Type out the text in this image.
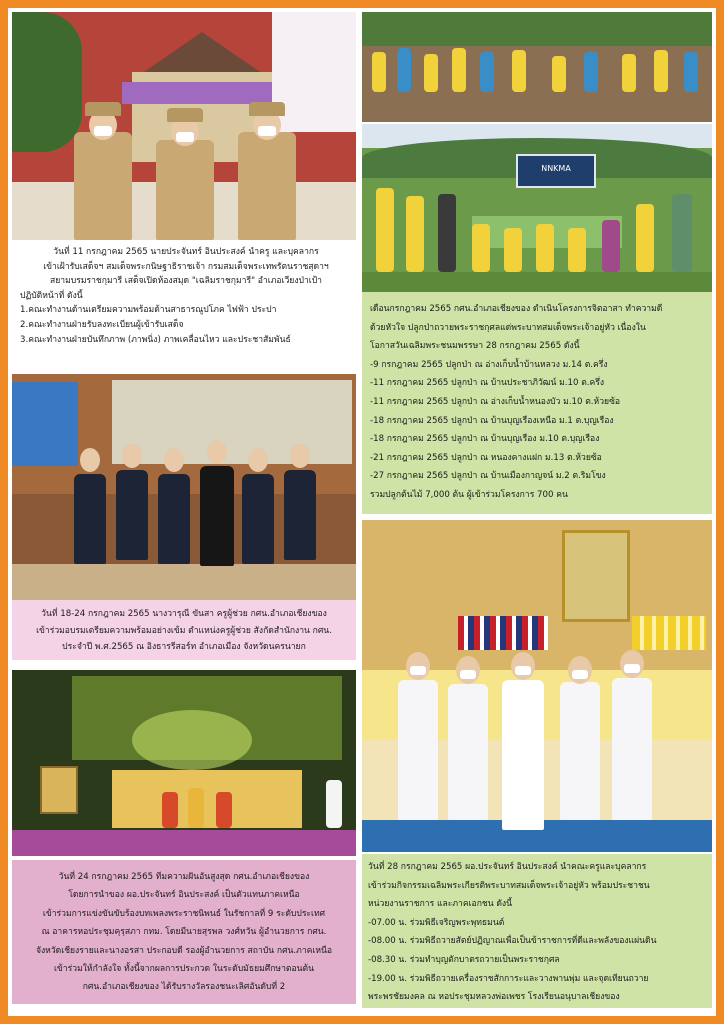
วันที่ 11 กรกฎาคม 2565 นายประจันทร์ อินประสงค์ นำครู และบุคลากร
เข้าเฝ้ารับเสด็จฯ สมเด็จพระกนิษฐาธิราชเจ้า กรมสมเด็จพระเทพรัตนราชสุดาฯ
สยามบรมราชกุมารี เสด็จเปิดห้องสมุด "เฉลิมราชกุมารี" อำเภอเวียงป่าเป้า
ปฏิบัติหน้าที่ ดังนี้
1.คณะทำงานด้านเตรียมความพร้อมด้านสาธารณูปโภค ไฟฟ้า ประปา
2.คณะทำงานฝ่ายรับลงทะเบียนผู้เข้ารับเสด็จ
3.คณะทำงานฝ่ายบันทึกภาพ (ภาพนิ่ง) ภาพเคลื่อนไหว และประชาสัมพันธ์
NNKMA
เดือนกรกฎาคม 2565 กศน.อำเภอเชียงของ ดำเนินโครงการจิตอาสา ทำความดี
ด้วยหัวใจ ปลูกป่าถวายพระราชกุศลแด่พระบาทสมเด็จพระเจ้าอยู่หัว เนื่องใน
โอกาสวันเฉลิมพระชนมพรรษา 28 กรกฎาคม 2565 ดังนี้
-9 กรกฎาคม 2565 ปลูกป่า ณ อ่างเก็บน้ำบ้านหลวง ม.14 ต.ครึ่ง
-11 กรกฎาคม 2565 ปลูกป่า ณ บ้านประชาภิวัฒน์ ม.10 ต.ครึ่ง
-11 กรกฎาคม 2565 ปลูกป่า ณ อ่างเก็บน้ำหนองบัว ม.10 ต.ห้วยซ้อ
-18 กรกฎาคม 2565 ปลูกป่า ณ บ้านบุญเรืองเหนือ ม.1 ต.บุญเรือง
-18 กรกฎาคม 2565 ปลูกป่า ณ บ้านบุญเรือง ม.10 ต.บุญเรือง
-21 กรกฎาคม 2565 ปลูกป่า ณ หนองคางแฝก ม.13 ต.ห้วยซ้อ
-27 กรกฎาคม 2565 ปลูกป่า ณ บ้านเมืองกาญจน์ ม.2 ต.ริมโขง
รวมปลูกต้นไม้ 7,000 ต้น ผู้เข้าร่วมโครงการ 700 คน
วันที่ 18-24 กรกฎาคม 2565 นางวารุณี ขันสา ครูผู้ช่วย กศน.อำเภอเชียงของ
เข้าร่วมอบรมเตรียมความพร้อมอย่างเข้ม ตำแหน่งครูผู้ช่วย สังกัดสำนักงาน กศน.
ประจำปี พ.ศ.2565 ณ อิงธารรีสอร์ท อำเภอเมือง จังหวัดนครนายก
วันที่ 24 กรกฎาคม 2565 ทีมความฝันอันสูงสุด กศน.อำเภอเชียงของ
โดยการนำของ ผอ.ประจันทร์ อินประสงค์ เป็นตัวแทนภาคเหนือ
เข้าร่วมการแข่งขันขับร้องบทเพลงพระราชนิพนธ์ ในรัชกาลที่ 9 ระดับประเทศ
ณ อาคารหอประชุมคุรุสภา กทม. โดยมีนายสุรพล วงศ์หวัน ผู้อำนวยการ กศน.
จังหวัดเชียงรายและนางอรสา ประกอบดี รองผู้อำนวยการ สถาบัน กศน.ภาคเหนือ
เข้าร่วมให้กำลังใจ ทั้งนี้จากผลการประกวด ในระดับมัธยมศึกษาตอนต้น
กศน.อำเภอเชียงของ ได้รับรางวัลรองชนะเลิศอันดับที่ 2
วันที่ 28 กรกฎาคม 2565 ผอ.ประจันทร์ อินประสงค์ นำคณะครูและบุคลากร
เข้าร่วมกิจกรรมเฉลิมพระเกียรติพระบาทสมเด็จพระเจ้าอยู่หัว พร้อมประชาชน
หน่วยงานราชการ และภาคเอกชน ดังนี้
-07.00 น. ร่วมพิธีเจริญพระพุทธมนต์
-08.00 น. ร่วมพิธีถวายสัตย์ปฏิญาณเพื่อเป็นข้าราชการที่ดีและพลังของแผ่นดิน
-08.30 น. ร่วมทำบุญตักบาตรถวายเป็นพระราชกุศล
-19.00 น. ร่วมพิธีถวายเครื่องราชสักการะและวางพานพุ่ม และจุดเทียนถวาย
พระพรชัยมงคล ณ หอประชุมหลวงพ่อเพชร โรงเรียนอนุบาลเชียงของ
